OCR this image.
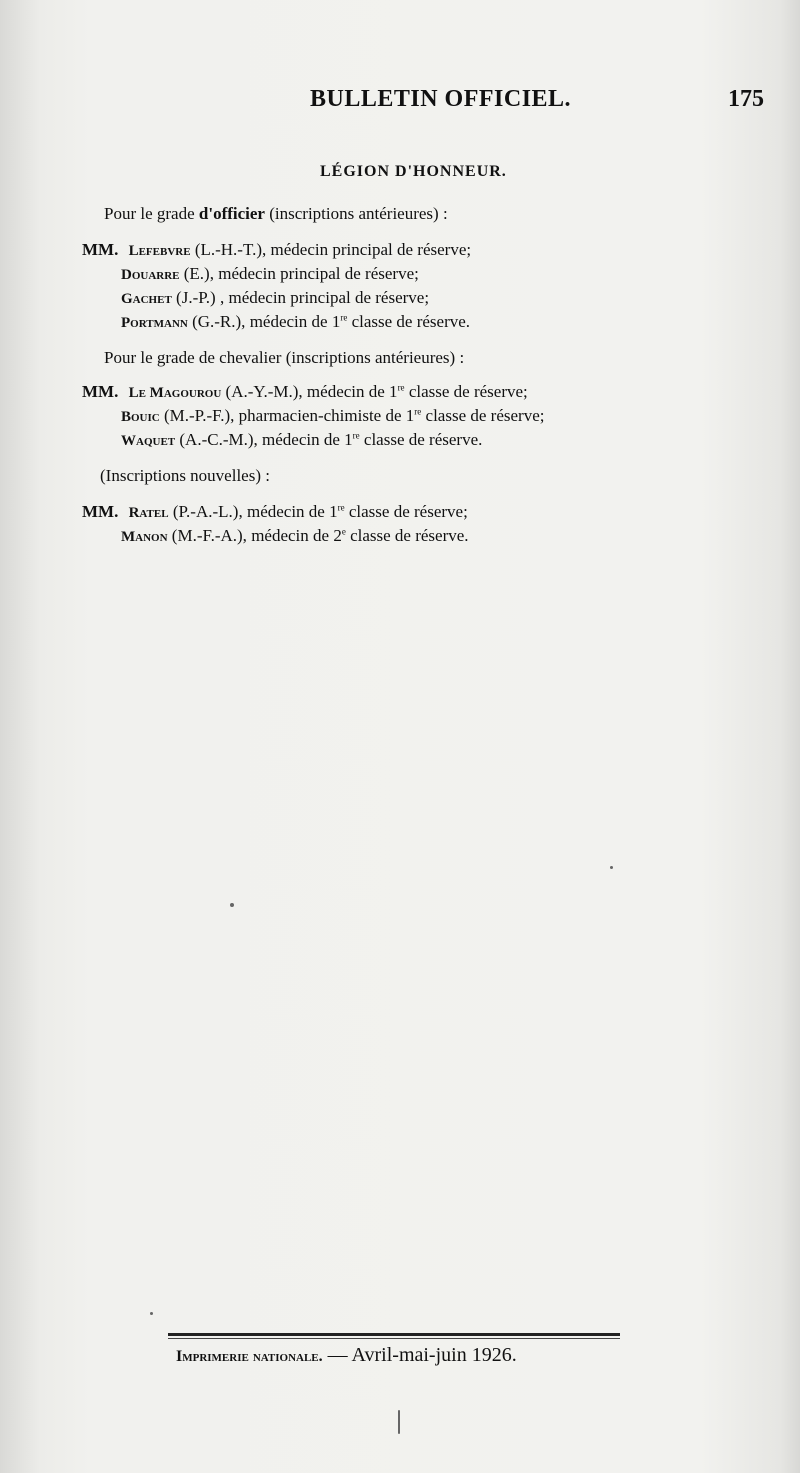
BULLETIN OFFICIEL.	175
LÉGION D'HONNEUR.
Pour le grade d'officier (inscriptions antérieures) :
MM. Lefebvre (L.-H.-T.), médecin principal de réserve;
Douarre (E.), médecin principal de réserve;
Gachet (J.-P.) , médecin principal de réserve;
Portmann (G.-R.), médecin de 1re classe de réserve.
Pour le grade de chevalier (inscriptions antérieures) :
MM. Le Magourou (A.-Y.-M.), médecin de 1re classe de réserve;
Bouic (M.-P.-F.), pharmacien-chimiste de 1re classe de réserve;
Waquet (A.-C.-M.), médecin de 1re classe de réserve.
(Inscriptions nouvelles) :
MM. Ratel (P.-A.-L.), médecin de 1re classe de réserve;
Manon (M.-F.-A.), médecin de 2e classe de réserve.
Imprimerie nationale. — Avril-mai-juin 1926.
